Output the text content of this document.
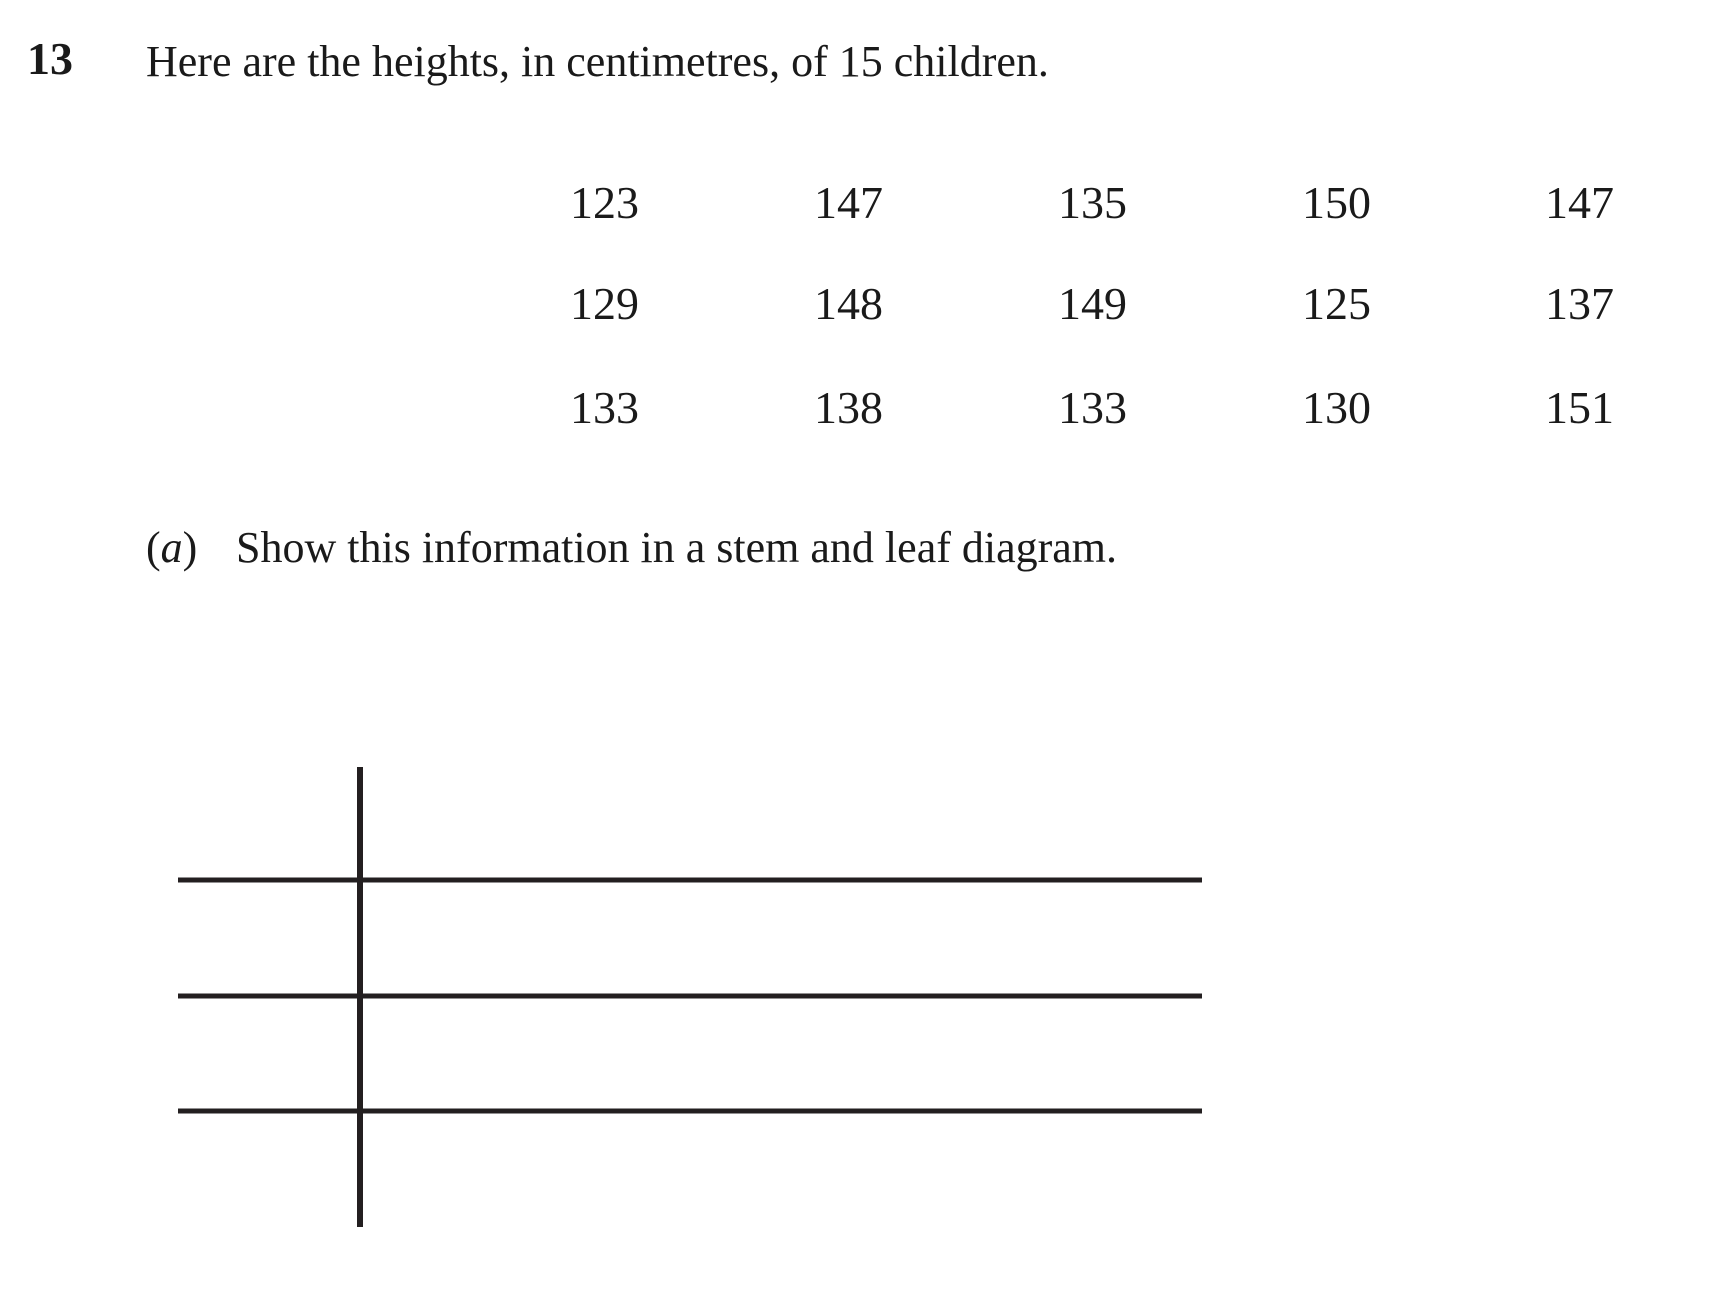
13 Here are the heights, in centimetres, of 15 children.
123	147	135	150	147
129	148	149	125	137
133	138	133	130	151
(a) Show this information in a stem and leaf diagram.
